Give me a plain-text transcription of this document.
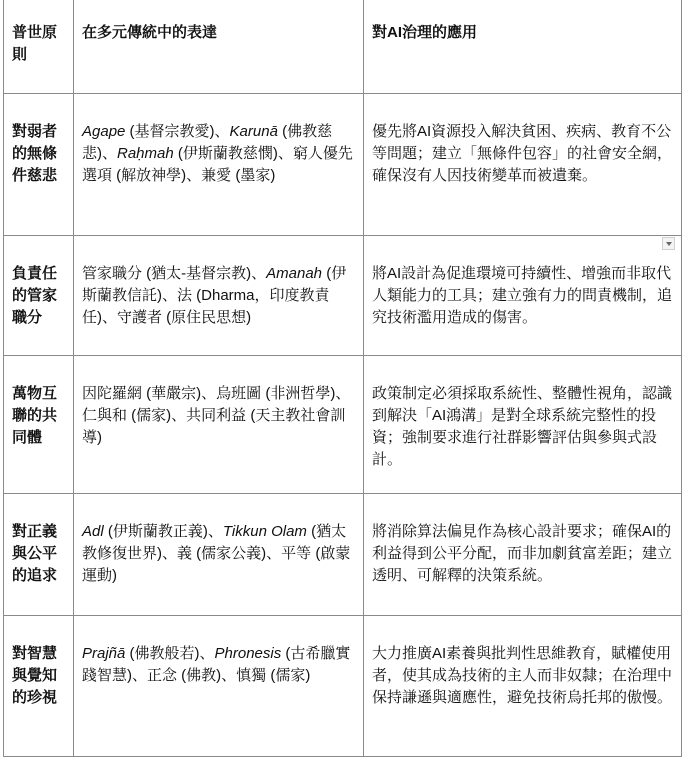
普世原則	在多元傳統中的表達	對AI治理的應用
對弱者的無條件慈悲	Agape (基督宗教愛)、Karunā (佛教慈悲)、Raḥmah (伊斯蘭教慈憫)、窮人優先選項 (解放神學)、兼愛 (墨家)	優先將AI資源投入解決貧困、疾病、教育不公等問題；建立「無條件包容」的社會安全網，確保沒有人因技術變革而被遺棄。
負責任的管家職分	管家職分 (猶太-基督宗教)、Amanah (伊斯蘭教信託)、法 (Dharma，印度教責任)、守護者 (原住民思想)	將AI設計為促進環境可持續性、增強而非取代人類能力的工具；建立強有力的問責機制，追究技術濫用造成的傷害。
萬物互聯的共同體	因陀羅網 (華嚴宗)、烏班圖 (非洲哲學)、仁與和 (儒家)、共同利益 (天主教社會訓導)	政策制定必須採取系統性、整體性視角，認識到解決「AI鴻溝」是對全球系統完整性的投資；強制要求進行社群影響評估與參與式設計。
對正義與公平的追求	Adl (伊斯蘭教正義)、Tikkun Olam (猶太教修復世界)、義 (儒家公義)、平等 (啟蒙運動)	將消除算法偏見作為核心設計要求；確保AI的利益得到公平分配，而非加劇貧富差距；建立透明、可解釋的決策系統。
對智慧與覺知的珍視	Prajñā (佛教般若)、Phronesis (古希臘實踐智慧)、正念 (佛教)、慎獨 (儒家)	大力推廣AI素養與批判性思維教育，賦權使用者，使其成為技術的主人而非奴隸；在治理中保持謙遜與適應性，避免技術烏托邦的傲慢。
